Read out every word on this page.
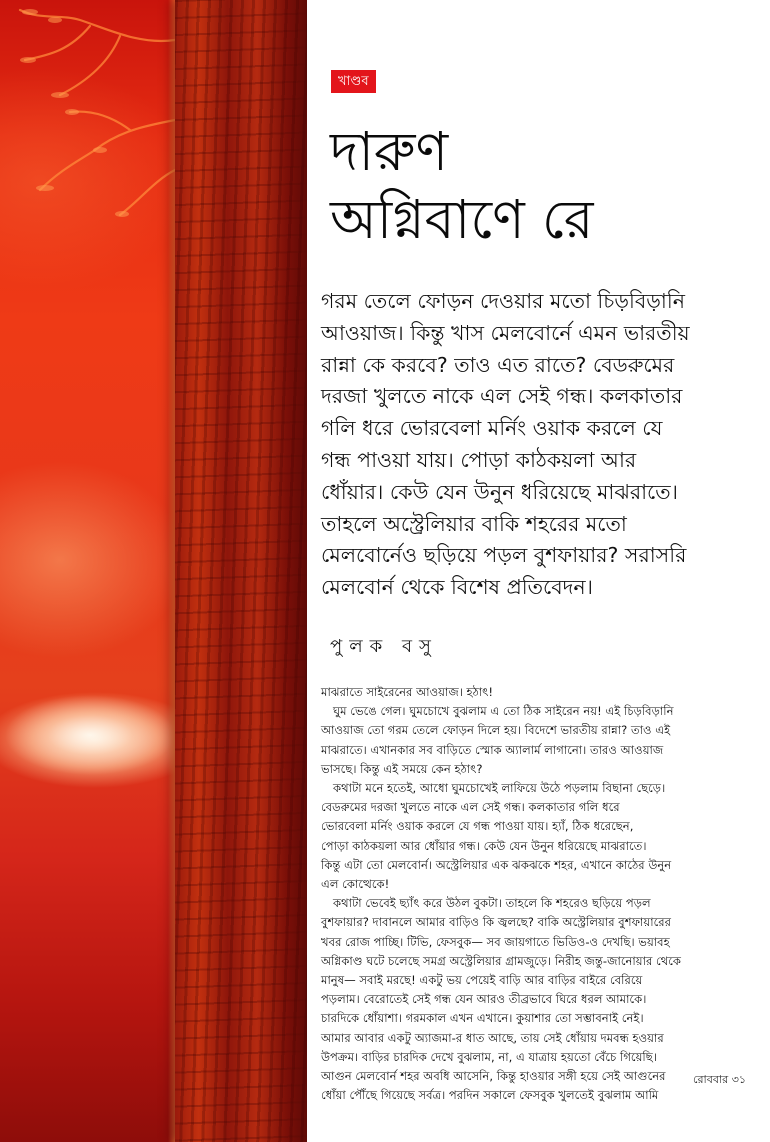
খাণ্ডব
দারুণ
অগ্নিবাণে রে
গরম তেলে ফোড়ন দেওয়ার মতো চিড়বিড়ানি
আওয়াজ। কিন্তু খাস মেলবোর্নে এমন ভারতীয়
রান্না কে করবে? তাও এত রাতে? বেডরুমের
দরজা খুলতে নাকে এল সেই গন্ধ। কলকাতার
গলি ধরে ভোরবেলা মর্নিং ওয়াক করলে যে
গন্ধ পাওয়া যায়। পোড়া কাঠকয়লা আর
ধোঁয়ার। কেউ যেন উনুন ধরিয়েছে মাঝরাতে।
তাহলে অস্ট্রেলিয়ার বাকি শহরের মতো
মেলবোর্নেও ছড়িয়ে পড়ল বুশফায়ার? সরাসরি
মেলবোর্ন থেকে বিশেষ প্রতিবেদন।
পুলক বসু
মাঝরাতে সাইরেনের আওয়াজ। হঠাৎ!
ঘুম ভেঙে গেল। ঘুমচোখে বুঝলাম এ তো ঠিক সাইরেন নয়! এই চিড়বিড়ানি
আওয়াজ তো গরম তেলে ফোড়ন দিলে হয়। বিদেশে ভারতীয় রান্না? তাও এই
মাঝরাতে। এখানকার সব বাড়িতে স্মোক অ্যালার্ম লাগানো। তারও আওয়াজ
ভাসছে। কিন্তু এই সময়ে কেন হঠাৎ?
কথাটা মনে হতেই, আধো ঘুমচোখেই লাফিয়ে উঠে পড়লাম বিছানা ছেড়ে।
বেডরুমের দরজা খুলতে নাকে এল সেই গন্ধ। কলকাতার গলি ধরে
ভোরবেলা মর্নিং ওয়াক করলে যে গন্ধ পাওয়া যায়। হ্যাঁ, ঠিক ধরেছেন,
পোড়া কাঠকয়লা আর ধোঁয়ার গন্ধ। কেউ যেন উনুন ধরিয়েছে মাঝরাতে।
কিন্তু এটা তো মেলবোর্ন। অস্ট্রেলিয়ার এক ঝকঝকে শহর, এখানে কাঠের উনুন
এল কোত্থেকে!
কথাটা ভেবেই ছ্যাঁৎ করে উঠল বুকটা। তাহলে কি শহরেও ছড়িয়ে পড়ল
বুশফায়ার? দাবানলে আমার বাড়িও কি জ্বলছে? বাকি অস্ট্রেলিয়ার বুশফায়ারের
খবর রোজ পাচ্ছি। টিভি, ফেসবুক— সব জায়গাতে ভিডিও-ও দেখছি। ভয়াবহ
অগ্নিকাণ্ড ঘটে চলেছে সমগ্র অস্ট্রেলিয়ার গ্রামজুড়ে। নিরীহ জন্তু-জানোয়ার থেকে
মানুষ— সবাই মরছে! একটু ভয় পেয়েই বাড়ি আর বাড়ির বাইরে বেরিয়ে
পড়লাম। বেরোতেই সেই গন্ধ যেন আরও তীব্রভাবে ঘিরে ধরল আমাকে।
চারদিকে ধোঁয়াশা। গরমকাল এখন এখানে। কুয়াশার তো সম্ভাবনাই নেই।
আমার আবার একটু অ্যাজমা-র ধাত আছে, তায় সেই ধোঁয়ায় দমবন্ধ হওয়ার
উপক্রম। বাড়ির চারদিক দেখে বুঝলাম, না, এ যাত্রায় হয়তো বেঁচে গিয়েছি।
আগুন মেলবোর্ন শহর অবধি আসেনি, কিন্তু হাওয়ার সঙ্গী হয়ে সেই আগুনের
ধোঁয়া পৌঁছে গিয়েছে সর্বত্র। পরদিন সকালে ফেসবুক খুলতেই বুঝলাম আমি
রোববার ৩১
